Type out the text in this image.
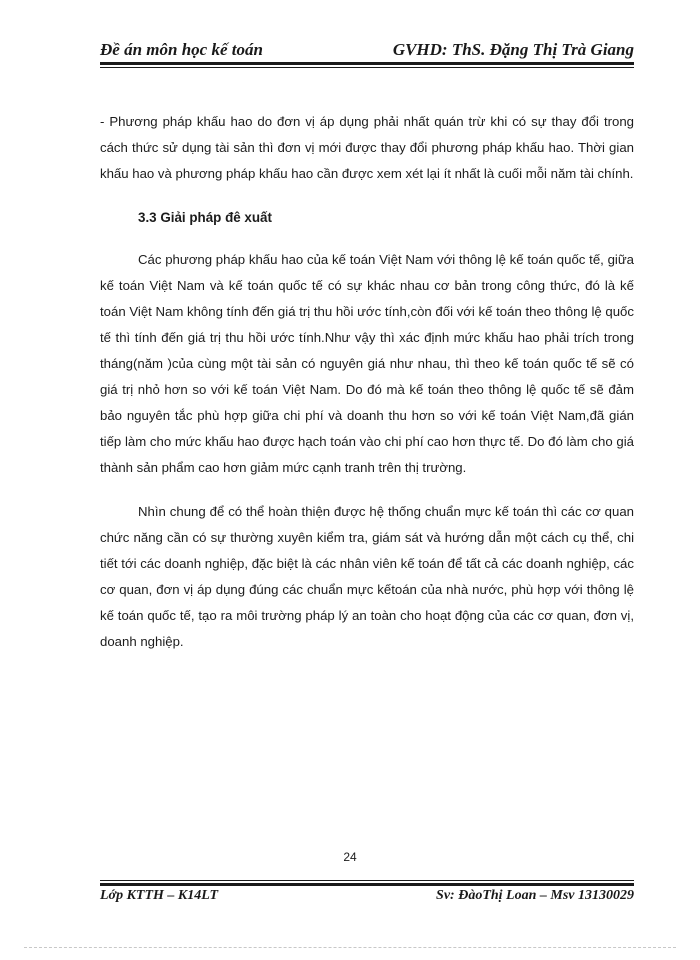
Đề án môn học kế toán	GVHD: ThS. Đặng Thị Trà Giang

- Phương pháp khấu hao do đơn vị áp dụng phải nhất quán trừ khi có sự thay đổi trong cách thức sử dụng tài sản thì đơn vị mới được thay đổi phương pháp khấu hao. Thời gian khấu hao và phương pháp khấu hao cần được xem xét lại ít nhất là cuối mỗi năm tài chính.

3.3 Giải pháp đê xuất

Các phương pháp khấu hao của kế toán Việt Nam với thông lệ kế toán quốc tế, giữa kế toán Việt Nam và kế toán quốc tế có sự khác nhau cơ bản trong công thức, đó là kế toán Việt Nam không tính đến giá trị thu hồi ước tính,còn đối với kế toán theo thông lệ quốc tế thì tính đến giá trị thu hồi ước tính.Như vậy thì xác định mức khấu hao phải trích trong tháng(năm )của cùng một tài sản có nguyên giá như nhau, thì theo kế toán quốc tế sẽ có giá trị nhỏ hơn so với kế toán Việt Nam. Do đó mà kế toán theo thông lệ quốc tế sẽ đảm bảo nguyên tắc phù hợp giữa chi phí và doanh thu hơn so với kế toán Việt Nam,đã gián tiếp làm cho mức khấu hao được hạch toán vào chi phí cao hơn thực tế. Do đó làm cho giá thành sản phẩm cao hơn giảm mức cạnh tranh trên thị trường.

Nhìn chung để có thể hoàn thiện được hệ thống chuẩn mực kế toán thì các cơ quan chức năng cần có sự thường xuyên kiểm tra, giám sát và hướng dẫn một cách cụ thể, chi tiết tới các doanh nghiệp, đặc biệt là các nhân viên kế toán để tất cả các doanh nghiệp, các cơ quan, đơn vị áp dụng đúng các chuẩn mực kếtoán của nhà nước, phù hợp với thông lệ kế toán quốc tế, tạo ra môi trường pháp lý an toàn cho hoạt động của các cơ quan, đơn vị, doanh nghiệp.

24
Lớp KTTH – K14LT	Sv: ĐàoThị Loan – Msv 13130029
